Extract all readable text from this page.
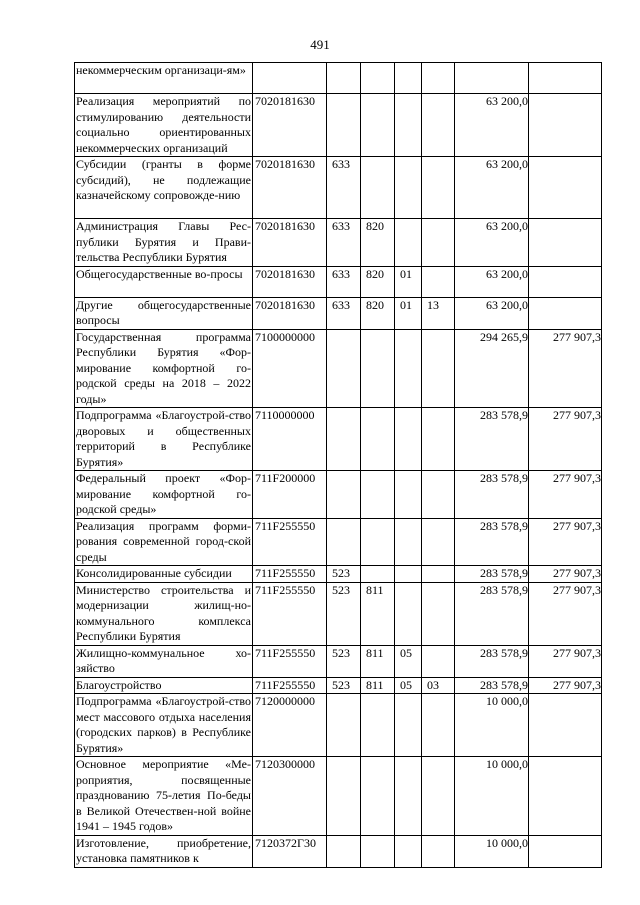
491
некоммерческим организаци-ям»							
Реализация мероприятий по стимулированию деятельности социально ориентированных некоммерческих организаций	7020181630					63 200,0	
Субсидии (гранты в форме субсидий), не подлежащие казначейскому сопровожде-нию	7020181630	633				63 200,0	
Администрация Главы Рес-публики Бурятия и Прави-тельства Республики Бурятия	7020181630	633	820			63 200,0	
Общегосударственные во-просы	7020181630	633	820	01		63 200,0	
Другие общегосударственные вопросы	7020181630	633	820	01	13	63 200,0	
Государственная программа Республики Бурятия «Фор-мирование комфортной го-родской среды на 2018 – 2022 годы»	7100000000					294 265,9	277 907,3
Подпрограмма «Благоустрой-ство дворовых и общественных территорий в Республике Бурятия»	7110000000					283 578,9	277 907,3
Федеральный проект «Фор-мирование комфортной го-родской среды»	711F200000					283 578,9	277 907,3
Реализация программ форми-рования современной город-ской среды	711F255550					283 578,9	277 907,3
Консолидированные субсидии	711F255550	523				283 578,9	277 907,3
Министерство строительства и модернизации жилищ-но-коммунального комплекса Республики Бурятия	711F255550	523	811			283 578,9	277 907,3
Жилищно-коммунальное хо-зяйство	711F255550	523	811	05		283 578,9	277 907,3
Благоустройство	711F255550	523	811	05	03	283 578,9	277 907,3
Подпрограмма «Благоустрой-ство мест массового отдыха населения (городских парков) в Республике Бурятия»	7120000000					10 000,0	
Основное мероприятие «Ме-роприятия, посвященные празднованию 75-летия По-беды в Великой Отечествен-ной войне 1941 – 1945 годов»	7120300000					10 000,0	
Изготовление, приобретение, установка памятников к	7120372Г30					10 000,0	
